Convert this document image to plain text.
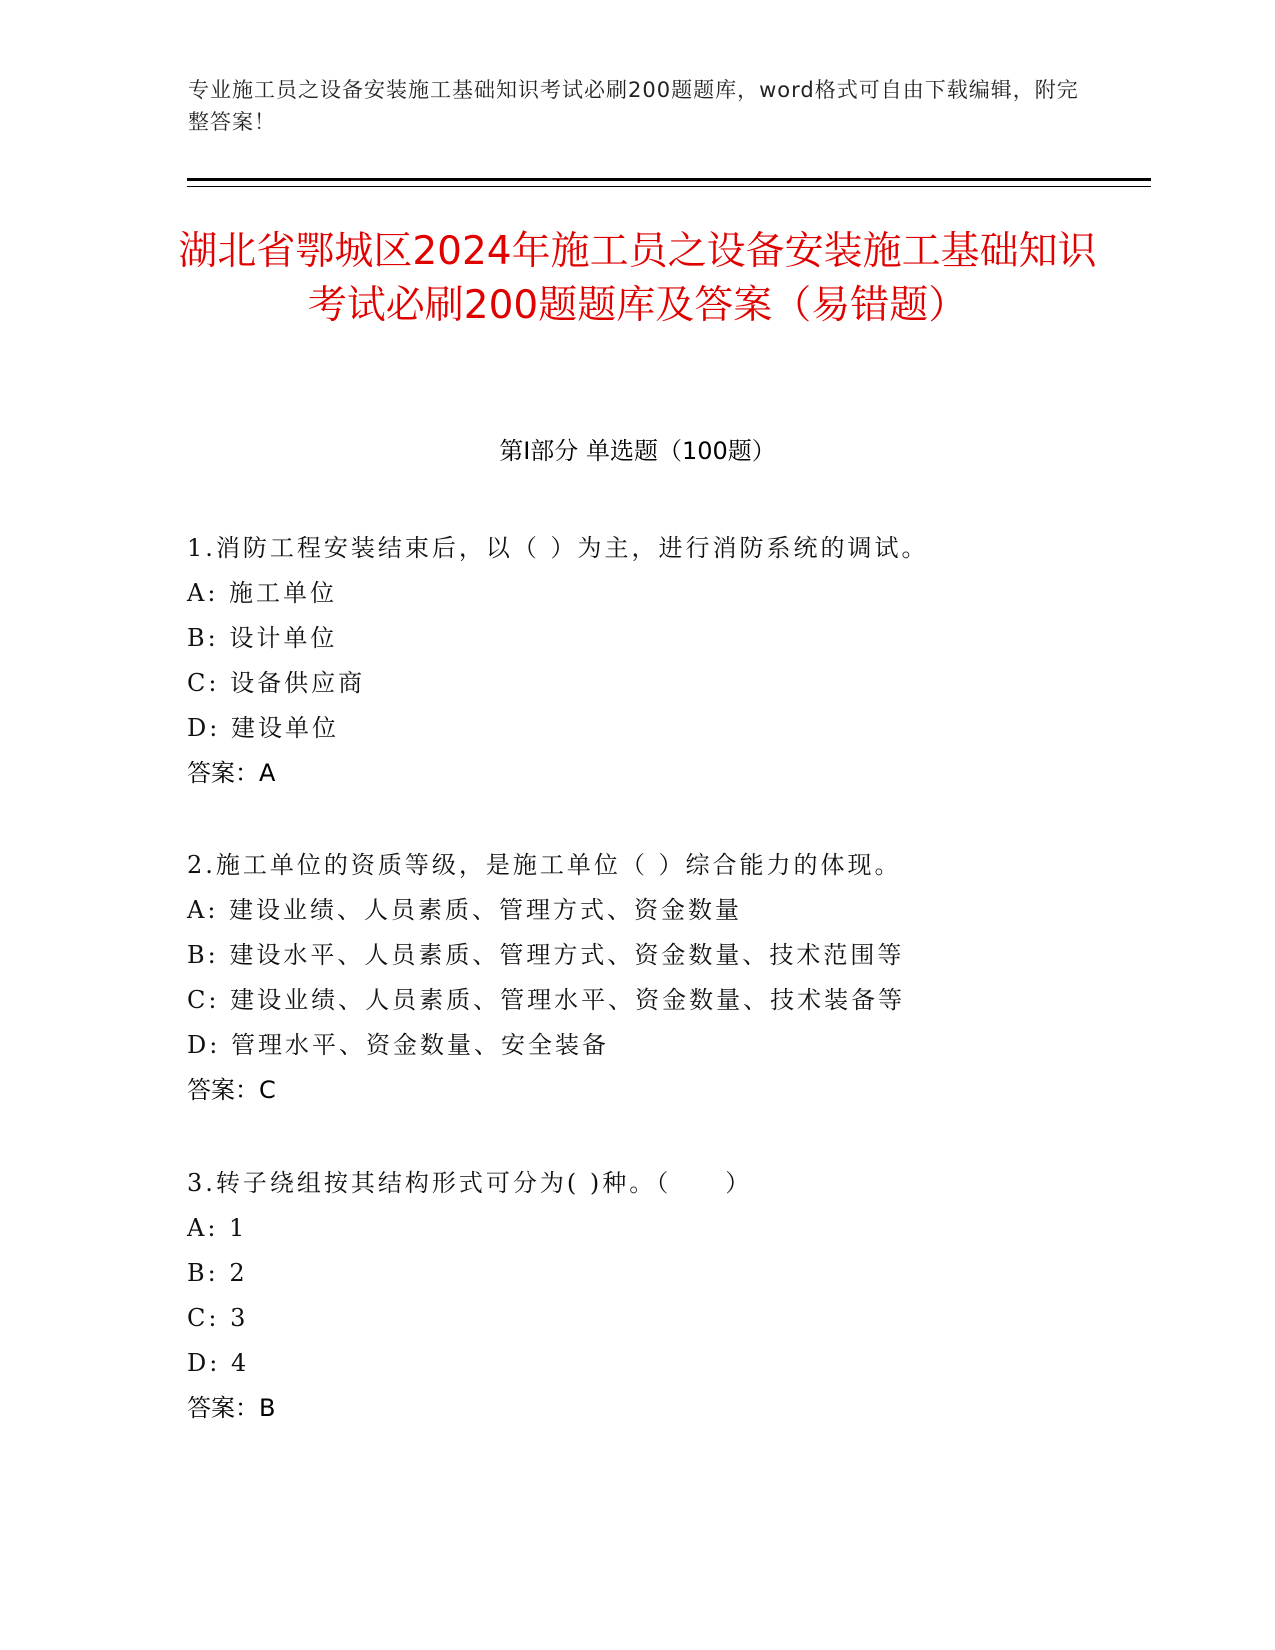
专业施工员之设备安装施工基础知识考试必刷200题题库，word格式可自由下载编辑，附完整答案！

湖北省鄂城区2024年施工员之设备安装施工基础知识考试必刷200题题库及答案（易错题）
第I部分 单选题（100题）
1.消防工程安装结束后，以（ ）为主，进行消防系统的调试。
A: 施工单位
B: 设计单位
C: 设备供应商
D: 建设单位
答案：A
2.施工单位的资质等级，是施工单位（ ）综合能力的体现。
A: 建设业绩、人员素质、管理方式、资金数量
B: 建设水平、人员素质、管理方式、资金数量、技术范围等
C: 建设业绩、人员素质、管理水平、资金数量、技术装备等
D: 管理水平、资金数量、安全装备
答案：C
3.转子绕组按其结构形式可分为( )种。（　　）
A: 1
B: 2
C: 3
D: 4
答案：B
